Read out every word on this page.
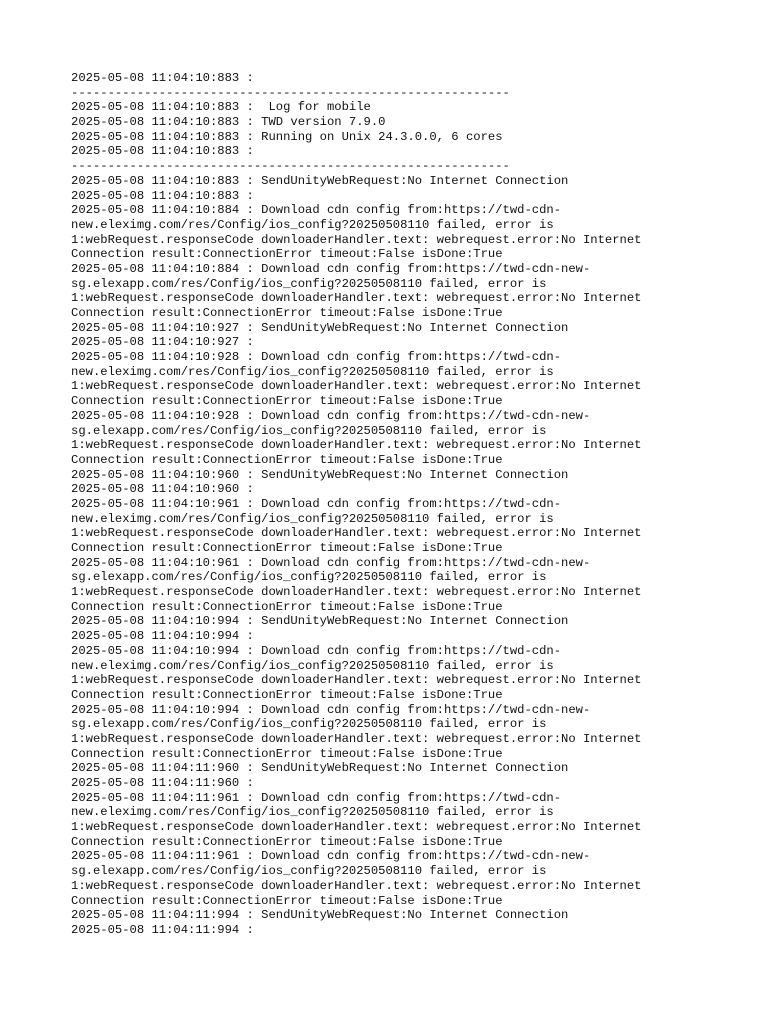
2025-05-08 11:04:10:883 :
------------------------------------------------------------
2025-05-08 11:04:10:883 :  Log for mobile
2025-05-08 11:04:10:883 : TWD version 7.9.0
2025-05-08 11:04:10:883 : Running on Unix 24.3.0.0, 6 cores
2025-05-08 11:04:10:883 :
------------------------------------------------------------
2025-05-08 11:04:10:883 : SendUnityWebRequest:No Internet Connection
2025-05-08 11:04:10:883 :
2025-05-08 11:04:10:884 : Download cdn config from:https://twd-cdn-
new.eleximg.com/res/Config/ios_config?20250508110 failed, error is
1:webRequest.responseCode downloaderHandler.text: webrequest.error:No Internet
Connection result:ConnectionError timeout:False isDone:True
2025-05-08 11:04:10:884 : Download cdn config from:https://twd-cdn-new-
sg.elexapp.com/res/Config/ios_config?20250508110 failed, error is
1:webRequest.responseCode downloaderHandler.text: webrequest.error:No Internet
Connection result:ConnectionError timeout:False isDone:True
2025-05-08 11:04:10:927 : SendUnityWebRequest:No Internet Connection
2025-05-08 11:04:10:927 :
2025-05-08 11:04:10:928 : Download cdn config from:https://twd-cdn-
new.eleximg.com/res/Config/ios_config?20250508110 failed, error is
1:webRequest.responseCode downloaderHandler.text: webrequest.error:No Internet
Connection result:ConnectionError timeout:False isDone:True
2025-05-08 11:04:10:928 : Download cdn config from:https://twd-cdn-new-
sg.elexapp.com/res/Config/ios_config?20250508110 failed, error is
1:webRequest.responseCode downloaderHandler.text: webrequest.error:No Internet
Connection result:ConnectionError timeout:False isDone:True
2025-05-08 11:04:10:960 : SendUnityWebRequest:No Internet Connection
2025-05-08 11:04:10:960 :
2025-05-08 11:04:10:961 : Download cdn config from:https://twd-cdn-
new.eleximg.com/res/Config/ios_config?20250508110 failed, error is
1:webRequest.responseCode downloaderHandler.text: webrequest.error:No Internet
Connection result:ConnectionError timeout:False isDone:True
2025-05-08 11:04:10:961 : Download cdn config from:https://twd-cdn-new-
sg.elexapp.com/res/Config/ios_config?20250508110 failed, error is
1:webRequest.responseCode downloaderHandler.text: webrequest.error:No Internet
Connection result:ConnectionError timeout:False isDone:True
2025-05-08 11:04:10:994 : SendUnityWebRequest:No Internet Connection
2025-05-08 11:04:10:994 :
2025-05-08 11:04:10:994 : Download cdn config from:https://twd-cdn-
new.eleximg.com/res/Config/ios_config?20250508110 failed, error is
1:webRequest.responseCode downloaderHandler.text: webrequest.error:No Internet
Connection result:ConnectionError timeout:False isDone:True
2025-05-08 11:04:10:994 : Download cdn config from:https://twd-cdn-new-
sg.elexapp.com/res/Config/ios_config?20250508110 failed, error is
1:webRequest.responseCode downloaderHandler.text: webrequest.error:No Internet
Connection result:ConnectionError timeout:False isDone:True
2025-05-08 11:04:11:960 : SendUnityWebRequest:No Internet Connection
2025-05-08 11:04:11:960 :
2025-05-08 11:04:11:961 : Download cdn config from:https://twd-cdn-
new.eleximg.com/res/Config/ios_config?20250508110 failed, error is
1:webRequest.responseCode downloaderHandler.text: webrequest.error:No Internet
Connection result:ConnectionError timeout:False isDone:True
2025-05-08 11:04:11:961 : Download cdn config from:https://twd-cdn-new-
sg.elexapp.com/res/Config/ios_config?20250508110 failed, error is
1:webRequest.responseCode downloaderHandler.text: webrequest.error:No Internet
Connection result:ConnectionError timeout:False isDone:True
2025-05-08 11:04:11:994 : SendUnityWebRequest:No Internet Connection
2025-05-08 11:04:11:994 :
